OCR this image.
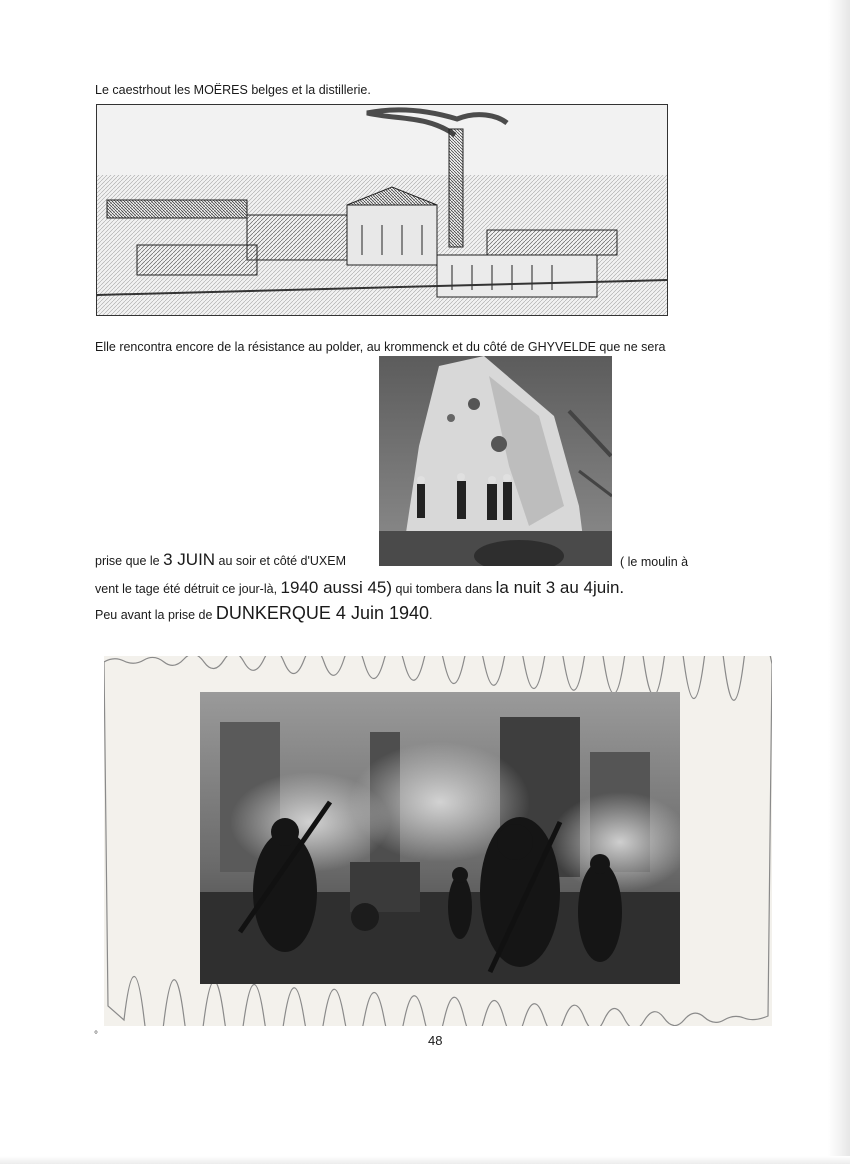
Le caestrhout les MOËRES belges et la distillerie.
Elle rencontra encore de la résistance au polder, au krommenck et du côté de GHYVELDE que ne sera
prise que le 3 JUIN au soir et côté d'UXEM	( le moulin à
vent le tage été détruit ce jour-là, 1940 aussi 45) qui tombera dans la nuit 3 au 4juin.
Peu avant la prise de DUNKERQUE 4 Juin 1940.
°	48
